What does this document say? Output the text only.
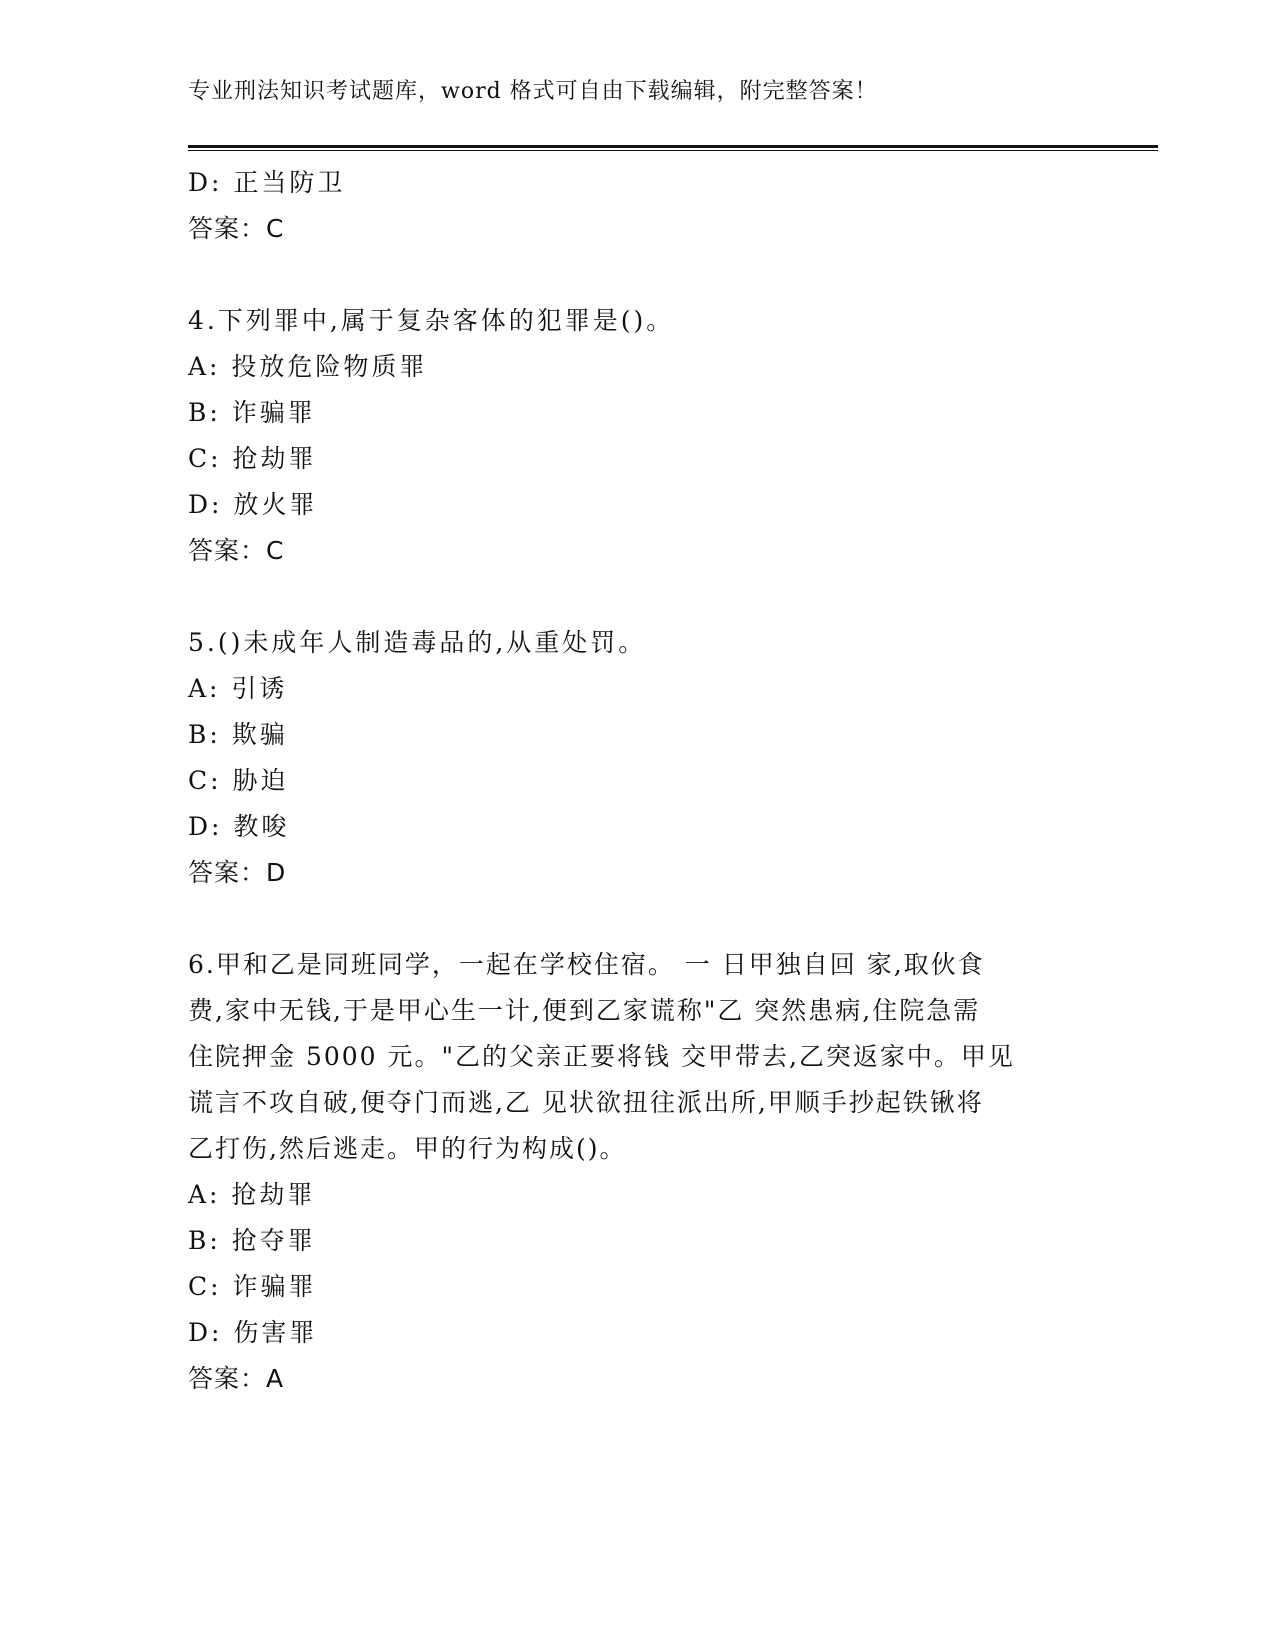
专业刑法知识考试题库，word 格式可自由下载编辑，附完整答案！
D: 正当防卫
答案：C
4.下列罪中,属于复杂客体的犯罪是()。
A: 投放危险物质罪
B: 诈骗罪
C: 抢劫罪
D: 放火罪
答案：C
5.()未成年人制造毒品的,从重处罚。
A: 引诱
B: 欺骗
C: 胁迫
D: 教唆
答案：D
6.甲和乙是同班同学，一起在学校住宿。 一 日甲独自回 家,取伙食
费,家中无钱,于是甲心生一计,便到乙家谎称"乙 突然患病,住院急需
住院押金 5000 元。"乙的父亲正要将钱 交甲带去,乙突返家中。甲见
谎言不攻自破,便夺门而逃,乙 见状欲扭往派出所,甲顺手抄起铁锹将
乙打伤,然后逃走。甲的行为构成()。
A: 抢劫罪
B: 抢夺罪
C: 诈骗罪
D: 伤害罪
答案：A
